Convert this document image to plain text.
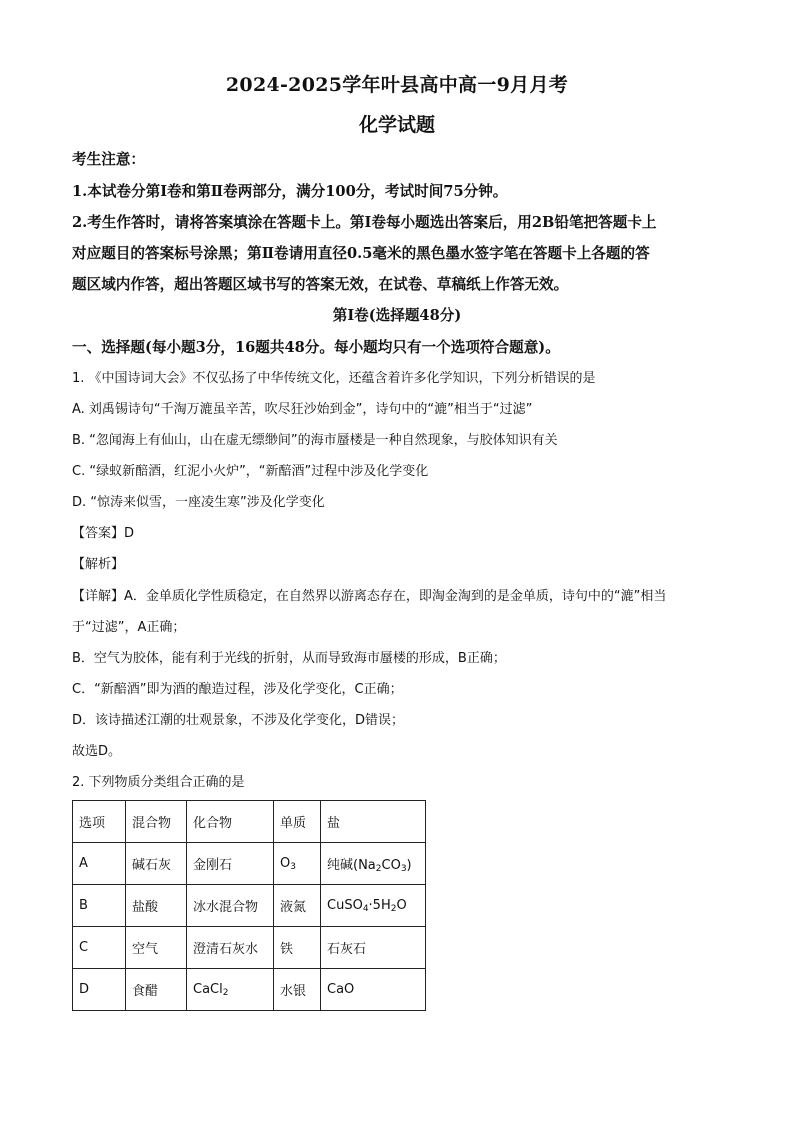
2024-2025学年叶县高中高一9月月考
化学试题
考生注意：
1.本试卷分第Ⅰ卷和第Ⅱ卷两部分，满分100分，考试时间75分钟。
2.考生作答时，请将答案填涂在答题卡上。第Ⅰ卷每小题选出答案后，用2B铅笔把答题卡上
对应题目的答案标号涂黑；第Ⅱ卷请用直径0.5毫米的黑色墨水签字笔在答题卡上各题的答
题区域内作答，超出答题区域书写的答案无效，在试卷、草稿纸上作答无效。
第Ⅰ卷(选择题48分)
一、选择题(每小题3分，16题共48分。每小题均只有一个选项符合题意)。
1. 《中国诗词大会》不仅弘扬了中华传统文化，还蕴含着许多化学知识，下列分析错误的是
A. 刘禹锡诗句“千淘万漉虽辛苦，吹尽狂沙始到金”，诗句中的“漉”相当于“过滤”
B. “忽闻海上有仙山，山在虚无缥缈间”的海市蜃楼是一种自然现象，与胶体知识有关
C. “绿蚁新醅酒，红泥小火炉”，“新醅酒”过程中涉及化学变化
D. “惊涛来似雪，一座凌生寒”涉及化学变化
【答案】D
【解析】
【详解】A．金单质化学性质稳定，在自然界以游离态存在，即淘金淘到的是金单质，诗句中的“漉”相当
于“过滤”，A正确；
B．空气为胶体，能有利于光线的折射，从而导致海市蜃楼的形成，B正确；
C．“新醅酒”即为酒的酿造过程，涉及化学变化，C正确；
D．该诗描述江潮的壮观景象，不涉及化学变化，D错误；
故选D。
2. 下列物质分类组合正确的是
选项	混合物	化合物	单质	盐
A	碱石灰	金刚石	$O_3$	纯碱$(Na_2CO_3)$
B	盐酸	冰水混合物	液氮	$CuSO_4\cdot 5H_2O$
C	空气	澄清石灰水	铁	石灰石
D	食醋	CaCl$_2$	水银	CaO
